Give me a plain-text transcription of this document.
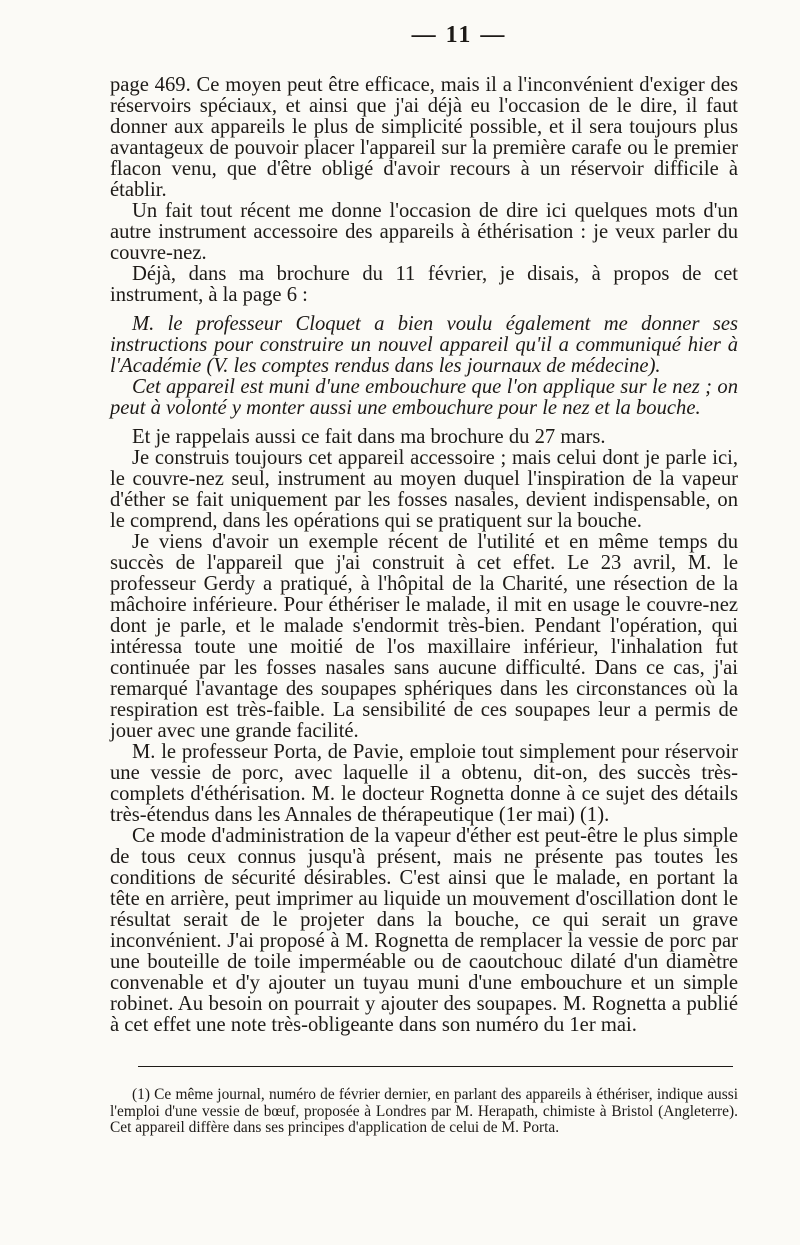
— 11 —

page 469. Ce moyen peut être efficace, mais il a l'inconvénient d'exiger des réservoirs spéciaux, et ainsi que j'ai déjà eu l'occasion de le dire, il faut donner aux appareils le plus de simplicité possible, et il sera toujours plus avantageux de pouvoir placer l'appareil sur la première carafe ou le premier flacon venu, que d'être obligé d'avoir recours à un réservoir difficile à établir.

Un fait tout récent me donne l'occasion de dire ici quelques mots d'un autre instrument accessoire des appareils à éthérisation : je veux parler du couvre-nez.

Déjà, dans ma brochure du 11 février, je disais, à propos de cet instrument, à la page 6 :

M. le professeur Cloquet a bien voulu également me donner ses instructions pour construire un nouvel appareil qu'il a communiqué hier à l'Académie (V. les comptes rendus dans les journaux de médecine).

Cet appareil est muni d'une embouchure que l'on applique sur le nez ; on peut à volonté y monter aussi une embouchure pour le nez et la bouche.

Et je rappelais aussi ce fait dans ma brochure du 27 mars.

Je construis toujours cet appareil accessoire ; mais celui dont je parle ici, le couvre-nez seul, instrument au moyen duquel l'inspiration de la vapeur d'éther se fait uniquement par les fosses nasales, devient indispensable, on le comprend, dans les opérations qui se pratiquent sur la bouche.

Je viens d'avoir un exemple récent de l'utilité et en même temps du succès de l'appareil que j'ai construit à cet effet. Le 23 avril, M. le professeur Gerdy a pratiqué, à l'hôpital de la Charité, une résection de la mâchoire inférieure. Pour éthériser le malade, il mit en usage le couvre-nez dont je parle, et le malade s'endormit très-bien. Pendant l'opération, qui intéressa toute une moitié de l'os maxillaire inférieur, l'inhalation fut continuée par les fosses nasales sans aucune difficulté. Dans ce cas, j'ai remarqué l'avantage des soupapes sphériques dans les circonstances où la respiration est très-faible. La sensibilité de ces soupapes leur a permis de jouer avec une grande facilité.

M. le professeur Porta, de Pavie, emploie tout simplement pour réservoir une vessie de porc, avec laquelle il a obtenu, dit-on, des succès très-complets d'éthérisation. M. le docteur Rognetta donne à ce sujet des détails très-étendus dans les Annales de thérapeutique (1er mai) (1).

Ce mode d'administration de la vapeur d'éther est peut-être le plus simple de tous ceux connus jusqu'à présent, mais ne présente pas toutes les conditions de sécurité désirables. C'est ainsi que le malade, en portant la tête en arrière, peut imprimer au liquide un mouvement d'oscillation dont le résultat serait de le projeter dans la bouche, ce qui serait un grave inconvénient. J'ai proposé à M. Rognetta de remplacer la vessie de porc par une bouteille de toile imperméable ou de caoutchouc dilaté d'un diamètre convenable et d'y ajouter un tuyau muni d'une embouchure et un simple robinet. Au besoin on pourrait y ajouter des soupapes. M. Rognetta a publié à cet effet une note très-obligeante dans son numéro du 1er mai.

(1) Ce même journal, numéro de février dernier, en parlant des appareils à éthériser, indique aussi l'emploi d'une vessie de bœuf, proposée à Londres par M. Herapath, chimiste à Bristol (Angleterre). Cet appareil diffère dans ses principes d'application de celui de M. Porta.
